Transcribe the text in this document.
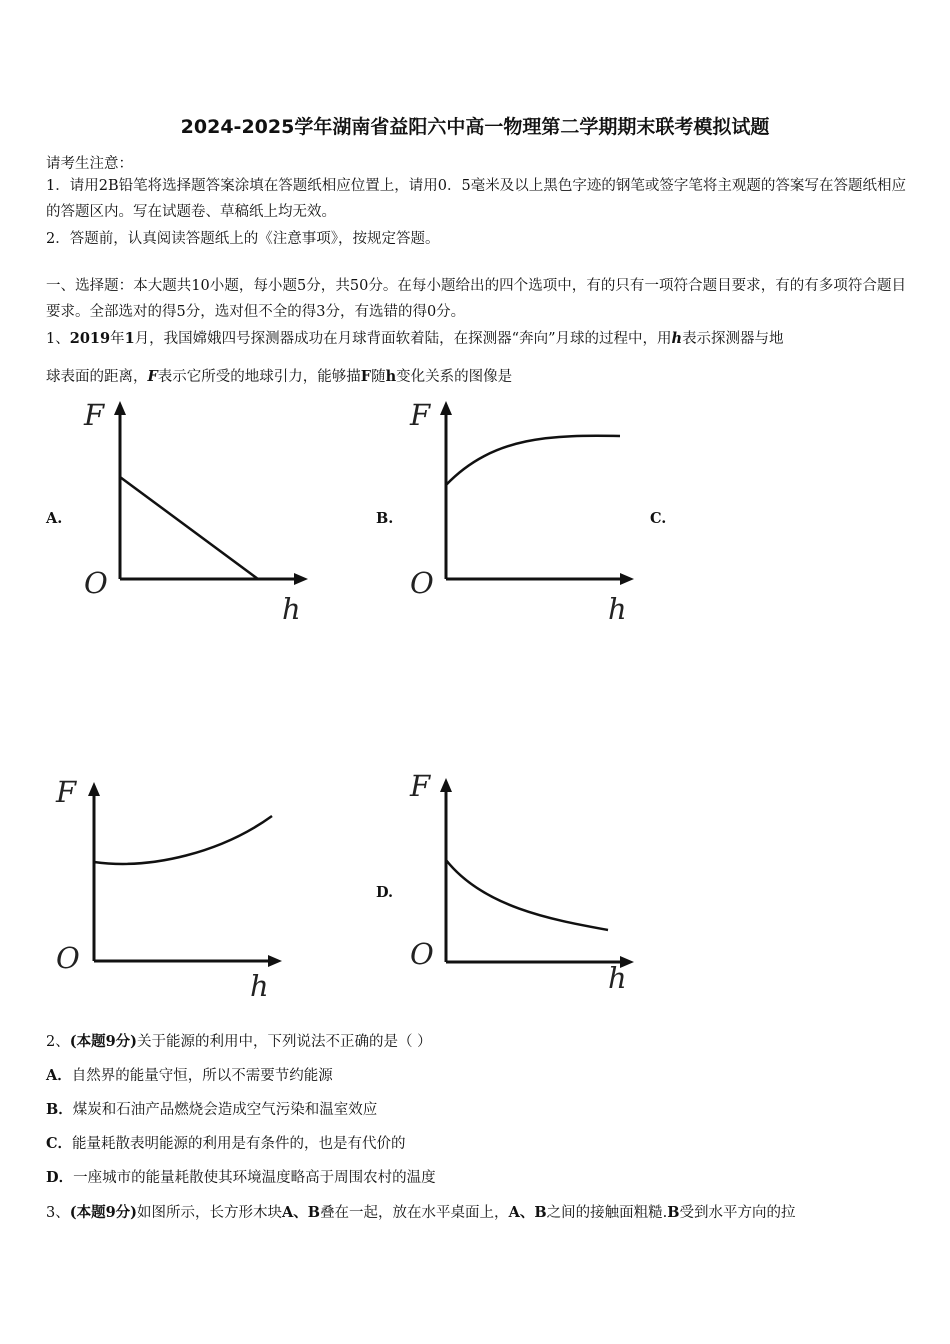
2024-2025学年湖南省益阳六中高一物理第二学期期末联考模拟试题
请考生注意：
1．请用2B铅笔将选择题答案涂填在答题纸相应位置上，请用0．5毫米及以上黑色字迹的钢笔或签字笔将主观题的答案写在答题纸相应的答题区内。写在试题卷、草稿纸上均无效。
2．答题前，认真阅读答题纸上的《注意事项》，按规定答题。
一、选择题：本大题共10小题，每小题5分，共50分。在每小题给出的四个选项中，有的只有一项符合题目要求，有的有多项符合题目要求。全部选对的得5分，选对但不全的得3分，有选错的得0分。
1、2019年1月，我国嫦娥四号探测器成功在月球背面软着陆，在探测器“奔向”月球的过程中，用h表示探测器与地
球表面的距离，F表示它所受的地球引力，能够描F随h变化关系的图像是
A.	B.	C.
D.
F
O
h
F
O
h
F
O
h
F
O
h
2、(本题9分)关于能源的利用中，下列说法不正确的是（ ）
A．自然界的能量守恒，所以不需要节约能源
B．煤炭和石油产品燃烧会造成空气污染和温室效应
C．能量耗散表明能源的利用是有条件的，也是有代价的
D．一座城市的能量耗散使其环境温度略高于周围农村的温度
3、(本题9分)如图所示，长方形木块A、B叠在一起，放在水平桌面上，A、B之间的接触面粗糙.B受到水平方向的拉
